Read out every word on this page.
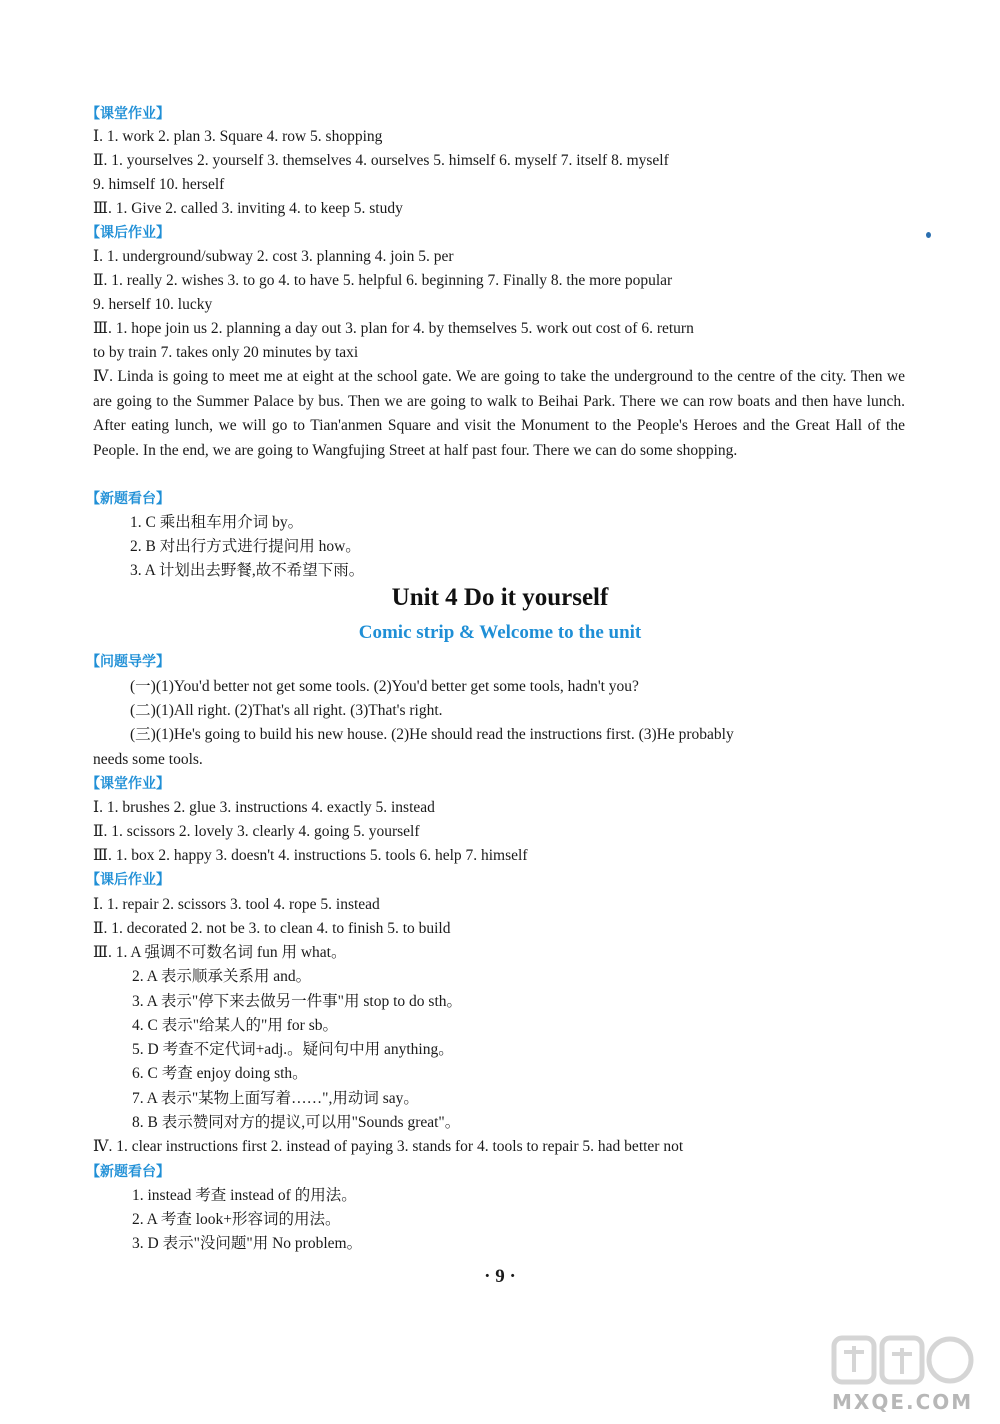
【课堂作业】
Ⅰ. 1. work 2. plan 3. Square 4. row 5. shopping
Ⅱ. 1. yourselves 2. yourself 3. themselves 4. ourselves 5. himself 6. myself 7. itself 8. myself
9. himself 10. herself
Ⅲ. 1. Give 2. called 3. inviting 4. to keep 5. study
【课后作业】
Ⅰ. 1. underground/subway 2. cost 3. planning 4. join 5. per
Ⅱ. 1. really 2. wishes 3. to go 4. to have 5. helpful 6. beginning 7. Finally 8. the more popular
9. herself 10. lucky
Ⅲ. 1. hope join us 2. planning a day out 3. plan for 4. by themselves 5. work out cost of 6. return
to by train 7. takes only 20 minutes by taxi
Ⅳ. Linda is going to meet me at eight at the school gate. We are going to take the underground to the centre of the city. Then we are going to the Summer Palace by bus. Then we are going to walk to Beihai Park. There we can row boats and then have lunch. After eating lunch, we will go to Tian'anmen Square and visit the Monument to the People's Heroes and the Great Hall of the People. In the end, we are going to Wangfujing Street at half past four. There we can do some shopping.
【新题看台】
1. C 乘出租车用介词 by。
2. B 对出行方式进行提问用 how。
3. A 计划出去野餐,故不希望下雨。
Unit 4 Do it yourself
Comic strip & Welcome to the unit
【问题导学】
(一)(1)You'd better not get some tools. (2)You'd better get some tools, hadn't you?
(二)(1)All right. (2)That's all right. (3)That's right.
(三)(1)He's going to build his new house. (2)He should read the instructions first. (3)He probably
needs some tools.
【课堂作业】
Ⅰ. 1. brushes 2. glue 3. instructions 4. exactly 5. instead
Ⅱ. 1. scissors 2. lovely 3. clearly 4. going 5. yourself
Ⅲ. 1. box 2. happy 3. doesn't 4. instructions 5. tools 6. help 7. himself
【课后作业】
Ⅰ. 1. repair 2. scissors 3. tool 4. rope 5. instead
Ⅱ. 1. decorated 2. not be 3. to clean 4. to finish 5. to build
Ⅲ. 1. A 强调不可数名词 fun 用 what。
2. A 表示顺承关系用 and。
3. A 表示"停下来去做另一件事"用 stop to do sth。
4. C 表示"给某人的"用 for sb。
5. D 考查不定代词+adj.。疑问句中用 anything。
6. C 考查 enjoy doing sth。
7. A 表示"某物上面写着……",用动词 say。
8. B 表示赞同对方的提议,可以用"Sounds great"。
Ⅳ. 1. clear instructions first 2. instead of paying 3. stands for 4. tools to repair 5. had better not
【新题看台】
1. instead 考查 instead of 的用法。
2. A 考查 look+形容词的用法。
3. D 表示"没问题"用 No problem。
· 9 ·
MXQE.COM
